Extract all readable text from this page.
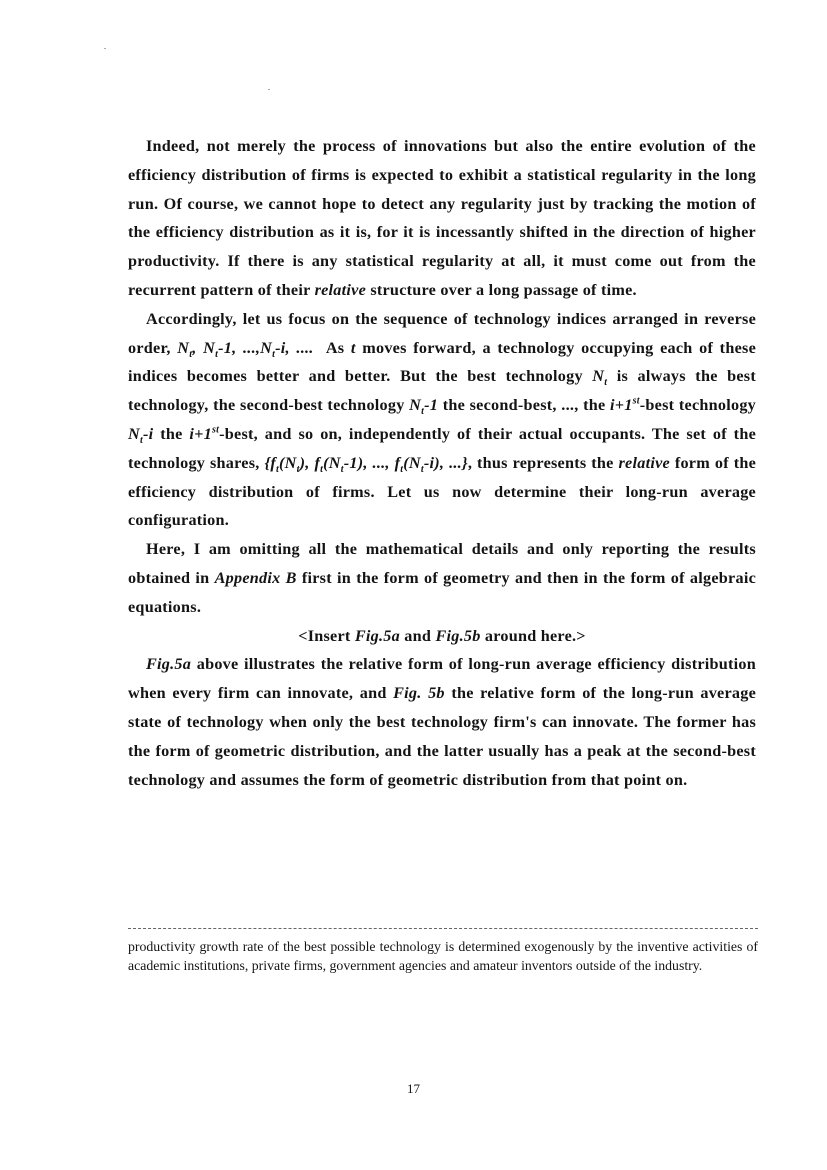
Indeed, not merely the process of innovations but also the entire evolution of the efficiency distribution of firms is expected to exhibit a statistical regularity in the long run. Of course, we cannot hope to detect any regularity just by tracking the motion of the efficiency distribution as it is, for it is incessantly shifted in the direction of higher productivity. If there is any statistical regularity at all, it must come out from the recurrent pattern of their relative structure over a long passage of time.

Accordingly, let us focus on the sequence of technology indices arranged in reverse order, $N_t$, $N_t-1$, $...,N_t-i$, .... As t moves forward, a technology occupying each of these indices becomes better and better. But the best technology $N_t$ is always the best technology, the second-best technology $N_t-1$ the second-best, ..., the i+1st-best technology $N_t-i$ the i+1st-best, and so on, independently of their actual occupants. The set of the technology shares, {$f_t(N_t)$, $f_t(N_t-1)$, ..., $f_t(N_t-i)$, ...}, thus represents the relative form of the efficiency distribution of firms. Let us now determine their long-run average configuration.

Here, I am omitting all the mathematical details and only reporting the results obtained in Appendix B first in the form of geometry and then in the form of algebraic equations.

<Insert Fig.5a and Fig.5b around here.>

Fig.5a above illustrates the relative form of long-run average efficiency distribution when every firm can innovate, and Fig. 5b the relative form of the long-run average state of technology when only the best technology firm's can innovate. The former has the form of geometric distribution, and the latter usually has a peak at the second-best technology and assumes the form of geometric distribution from that point on.

productivity growth rate of the best possible technology is determined exogenously by the inventive activities of academic institutions, private firms, government agencies and amateur inventors outside of the industry.
17
